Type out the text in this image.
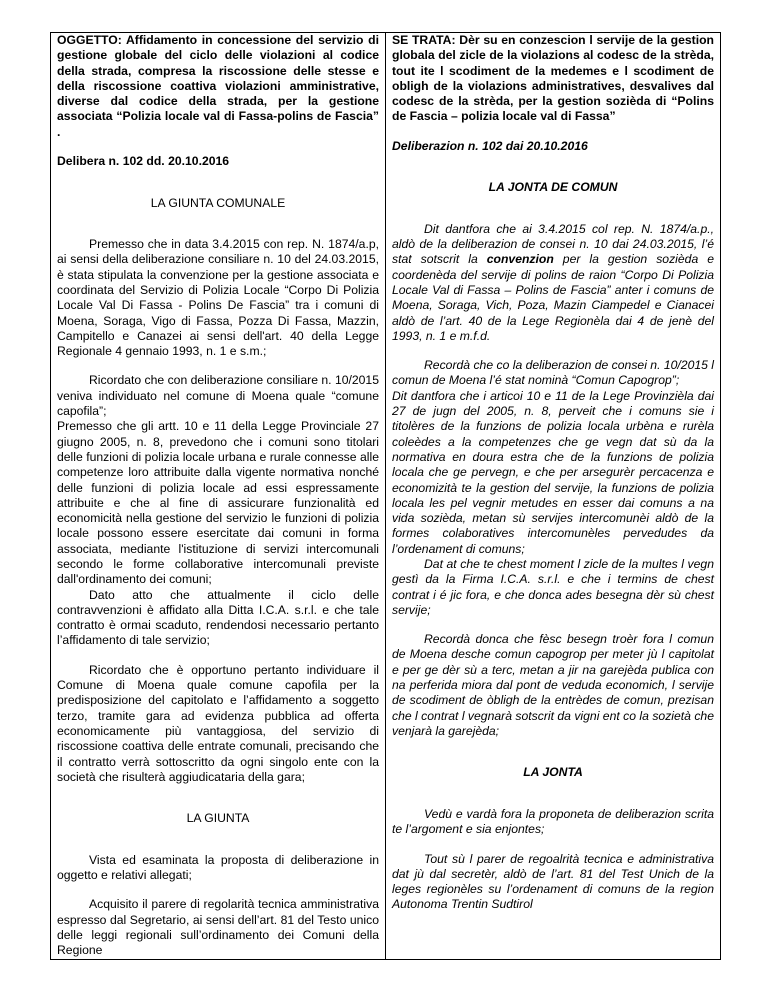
OGGETTO: Affidamento in concessione del servizio di gestione globale del ciclo delle violazioni al codice della strada, compresa la riscossione delle stesse e della riscossione coattiva violazioni amministrative, diverse dal codice della strada, per la gestione associata “Polizia locale val di Fassa-polins de Fascia” .

Delibera n. 102 dd. 20.10.2016

LA GIUNTA COMUNALE

Premesso che in data 3.4.2015 con rep. N. 1874/a.p, ai sensi della deliberazione consiliare n. 10 del 24.03.2015, è stata stipulata la convenzione per la gestione associata e coordinata del Servizio di Polizia Locale “Corpo Di Polizia Locale Val Di Fassa - Polins De Fascia” tra i comuni di Moena, Soraga, Vigo di Fassa, Pozza Di Fassa, Mazzin, Campitello e Canazei ai sensi dell'art. 40 della Legge Regionale 4 gennaio 1993, n. 1 e s.m.;

Ricordato che con deliberazione consiliare n. 10/2015 veniva individuato nel comune di Moena quale “comune capofila”;

Premesso che gli artt. 10 e 11 della Legge Provinciale 27 giugno 2005, n. 8, prevedono che i comuni sono titolari delle funzioni di polizia locale urbana e rurale connesse alle competenze loro attribuite dalla vigente normativa nonché delle funzioni di polizia locale ad essi espressamente attribuite e che al fine di assicurare funzionalità ed economicità nella gestione del servizio le funzioni di polizia locale possono essere esercitate dai comuni in forma associata, mediante l'istituzione di servizi intercomunali secondo le forme collaborative intercomunali previste dall'ordinamento dei comuni;

Dato atto che attualmente il ciclo delle contravvenzioni è affidato alla Ditta I.C.A. s.r.l. e che tale contratto è ormai scaduto, rendendosi necessario pertanto l’affidamento di tale servizio;

Ricordato che è opportuno pertanto individuare il Comune di Moena quale comune capofila per la predisposizione del capitolato e l’affidamento a soggetto terzo, tramite gara ad evidenza pubblica ad offerta economicamente più vantaggiosa, del servizio di riscossione coattiva delle entrate comunali, precisando che il contratto verrà sottoscritto da ogni singolo ente con la società che risulterà aggiudicataria della gara;

LA GIUNTA

Vista ed esaminata la proposta di deliberazione in oggetto e relativi allegati;

Acquisito il parere di regolarità tecnica amministrativa espresso dal Segretario, ai sensi dell’art. 81 del Testo unico delle leggi regionali sull’ordinamento dei Comuni della Regione

SE TRATA: Dèr su en conzescion l servije de la gestion globala del zicle de la violazions al codesc de la strèda, tout ite l scodiment de la medemes e l scodiment de obligh de la violazions administratives, desvalives dal codesc de la strèda, per la gestion sozièda di “Polins de Fascia – polizia locale val di Fassa”

Deliberazion n. 102 dai 20.10.2016

LA JONTA DE COMUN

Dit dantfora che ai 3.4.2015 col rep. N. 1874/a.p., aldò de la deliberazion de consei n. 10 dai 24.03.2015, l’é stat sotscrit la convenzion per la gestion sozièda e coordenèda del servije di polins de raion “Corpo Di Polizia Locale Val di Fassa – Polins de Fascia” anter i comuns de Moena, Soraga, Vich, Poza, Mazin Ciampedel e Cianacei aldò de l’art. 40 de la Lege Regionèla dai 4 de jenè del 1993, n. 1 e m.f.d.

Recordà che co la deliberazion de consei n. 10/2015 l comun de Moena l’é stat nominà “Comun Capogrop”;

Dit dantfora che i articoi 10 e 11 de la Lege Provinzièla dai 27 de jugn del 2005, n. 8, perveit che i comuns sie i titolères de la funzions de polizia locala urbèna e rurèla coleèdes a la competenzes che ge vegn dat sù da la normativa en doura estra che de la funzions de polizia locala che ge pervegn, e che per arsegurèr percacenza e economizità te la gestion del servije, la funzions de polizia locala les pel vegnir metudes en esser dai comuns a na vida sozièda, metan sù servijes intercomunèi aldò de la formes colaboratives intercomunèles pervedudes da l’ordenament di comuns;

Dat at che te chest moment l zicle de la multes l vegn gestì da la Firma I.C.A. s.r.l. e che i termins de chest contrat i é jic fora, e che donca ades besegna dèr sù chest servije;

Recordà donca che fèsc besegn troèr fora l comun de Moena desche comun capogrop per meter jù l capitolat e per ge dèr sù a terc, metan a jir na garejèda publica con na perferida miora dal pont de veduda economich, l servije de scodiment de òbligh de la entrèdes de comun, prezisan che l contrat l vegnarà sotscrit da vigni ent co la sozietà che venjarà la garejèda;

LA JONTA

Vedù e vardà fora la proponeta de deliberazion scrita te l’argoment e sia enjontes;

Tout sù l parer de regoalrità tecnica e administrativa dat jù dal secretèr, aldò de l’art. 81 del Test Unich de la leges regionèles su l’ordenament di comuns de la region Autonoma Trentin Sudtirol
